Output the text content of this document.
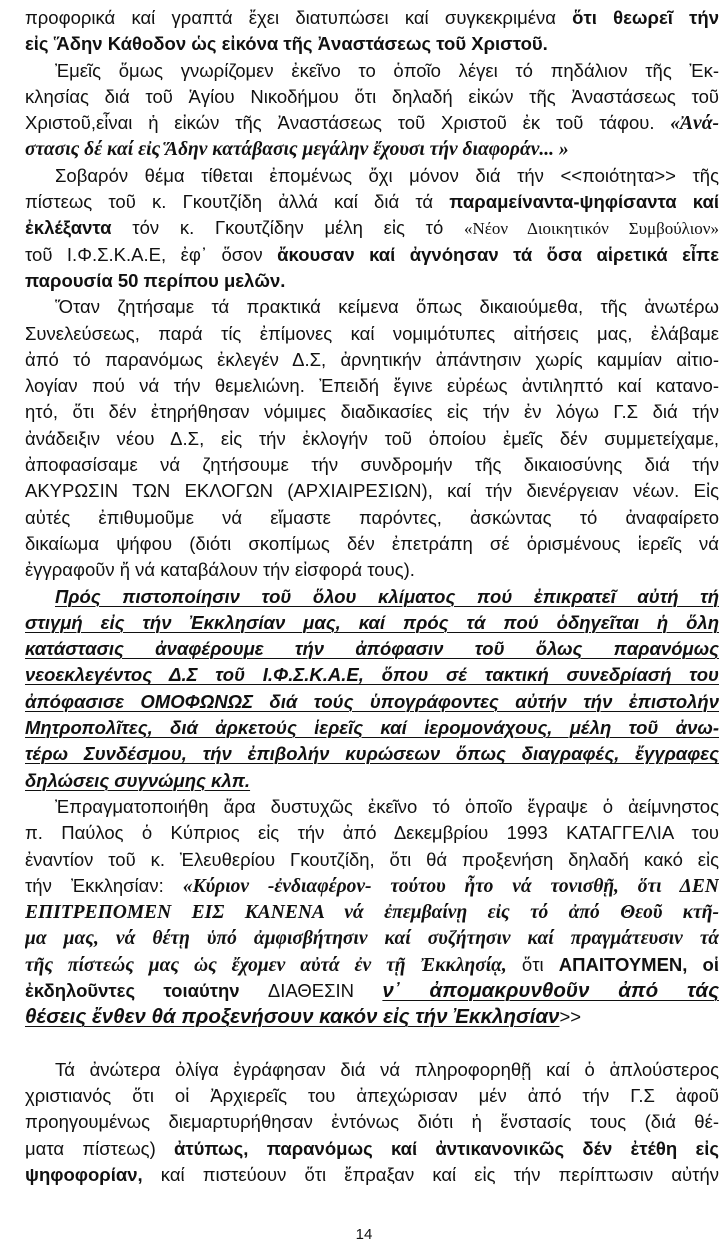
προφορικά καί γραπτά ἔχει διατυπώσει καί συγκεκριμένα ὅτι θεωρεῖ τήν
εἰς Ἅδην Κάθοδον ὡς εἰκόνα τῆς Ἀναστάσεως τοῦ Χριστοῦ.
Ἐμεῖς ὅμως γνωρίζομεν ἐκεῖνο το ὁποῖο λέγει τό πηδάλιον τῆς Ἐκ-
κλησίας διά τοῦ Ἁγίου Νικοδήμου ὅτι δηλαδή εἰκών τῆς Ἀναστάσεως τοῦ
Χριστοῦ,εἶναι ἡ εἰκών τῆς Ἀναστάσεως τοῦ Χριστοῦ ἐκ τοῦ τάφου. «Ἀνά-
στασις δέ καί εἰς Ἅδην κατάβασις μεγάλην ἔχουσι τήν διαφοράν... »
Σοβαρόν θέμα τίθεται ἐπομένως ὄχι μόνον διά τήν <<ποιότητα>> τῆς
πίστεως τοῦ κ. Γκουτζίδη ἀλλά καί διά τά παραμείναντα-ψηφίσαντα καί
ἐκλέξαντα τόν κ. Γκουτζίδην μέλη εἰς τό «Νέον Διοικητικόν Συμβούλιον»
τοῦ Ι.Φ.Σ.Κ.Α.Ε, ἐφ᾽ ὅσον ἄκουσαν καί ἀγνόησαν τά ὅσα αἱρετικά εἶπε
παρουσία 50 περίπου μελῶν.
Ὅταν ζητήσαμε τά πρακτικά κείμενα ὅπως δικαιούμεθα, τῆς ἀνωτέρω
Συνελεύσεως, παρά τίς ἐπίμονες καί νομιμότυπες αἰτήσεις μας, ἐλάβαμε
ἀπό τό παρανόμως ἐκλεγέν Δ.Σ, ἀρνητικήν ἀπάντησιν χωρίς καμμίαν αἰτιο-
λογίαν πού νά τήν θεμελιώνη. Ἐπειδή ἔγινε εὐρέως ἀντιληπτό καί κατανο-
ητό, ὅτι δέν ἐτηρήθησαν νόμιμες διαδικασίες εἰς τήν ἐν λόγω Γ.Σ διά τήν
ἀνάδειξιν νέου Δ.Σ, εἰς τήν ἐκλογήν τοῦ ὁποίου ἐμεῖς δέν συμμετείχαμε,
ἀποφασίσαμε νά ζητήσουμε τήν συνδρομήν τῆς δικαιοσύνης διά τήν
ΑΚΥΡΩΣΙΝ ΤΩΝ ΕΚΛΟΓΩΝ (ΑΡΧΙΑΙΡΕΣΙΩΝ), καί τήν διενέργειαν νέων. Εἰς
αὐτές ἐπιθυμοῦμε νά εἴμαστε παρόντες, ἀσκώντας τό ἀναφαίρετο
δικαίωμα ψήφου (διότι σκοπίμως δέν ἐπετράπη σέ ὁρισμένους ἱερεῖς νά
ἐγγραφοῦν ἤ νά καταβάλουν τήν εἰσφορά τους).
Πρός πιστοποίησιν τοῦ ὅλου κλίματος πού ἐπικρατεῖ αὐτή τή
στιγμή εἰς τήν Ἐκκλησίαν μας, καί πρός τά πού ὁδηγεῖται ἡ ὅλη
κατάστασις ἀναφέρουμε τήν ἀπόφασιν τοῦ ὅλως παρανόμως
νεοεκλεγέντος Δ.Σ τοῦ Ι.Φ.Σ.Κ.Α.Ε, ὅπου σέ τακτική συνεδρίασή του
ἀπόφασισε ΟΜΟΦΩΝΩΣ διά τούς ὑπογράφοντες αὐτήν τήν ἐπιστολήν
Μητροπολῖτες, διά ἀρκετούς ἱερεῖς καί ἱερομονάχους, μέλη τοῦ ἀνω-
τέρω Συνδέσμου, τήν ἐπιβολήν κυρώσεων ὅπως διαγραφές, ἔγγραφες
δηλώσεις συγνώμης κλπ.
Ἐπραγματοποιήθη ἄρα δυστυχῶς ἐκεῖνο τό ὁποῖο ἔγραψε ὁ ἀείμνηστος
π. Παύλος ὁ Κύπριος εἰς τήν ἀπό Δεκεμβρίου 1993 ΚΑΤΑΓΓΕΛΙΑ του
ἐναντίον τοῦ κ. Ἐλευθερίου Γκουτζίδη, ὅτι θά προξενήση δηλαδή κακό εἰς
τήν Ἐκκλησίαν: «Κύριον -ἐνδιαφέρον- τούτου ἦτο νά τονισθῇ, ὅτι ΔΕΝ
ΕΠΙΤΡΕΠΟΜΕΝ ΕΙΣ ΚΑΝΕΝΑ νά ἐπεμβαίνῃ εἰς τό ἀπό Θεοῦ κτῆ-
μα μας, νά θέτῃ ὑπό ἀμφισβήτησιν καί συζήτησιν καί πραγμάτευσιν τά
τῆς πίστεώς μας ὡς ἔχομεν αὐτά ἐν τῇ Ἐκκλησίᾳ, ὅτι ΑΠΑΙΤΟΥΜΕΝ, οἱ
ἐκδηλοῦντες τοιαύτην ΔΙΑΘΕΣΙΝ ν᾽ ἀπομακρυνθοῦν ἀπό τάς
θέσεις ἔνθεν θά προξενήσουν κακόν εἰς τήν Ἐκκλησίαν>>
Τά ἀνώτερα ὀλίγα ἐγράφησαν διά νά πληροφορηθῇ καί ὁ ἁπλούστερος
χριστιανός ὅτι οἱ Ἀρχιερεῖς του ἀπεχώρισαν μέν ἀπό τήν Γ.Σ ἀφοῦ
προηγουμένως διεμαρτυρήθησαν ἐντόνως διότι ἡ ἔνστασίς τους (διά θέ-
ματα πίστεως) ἀτύπως, παρανόμως καί ἀντικανονικῶς δέν ἐτέθη εἰς
ψηφοφορίαν, καί πιστεύουν ὅτι ἔπραξαν καί εἰς τήν περίπτωσιν αὐτήν
14
